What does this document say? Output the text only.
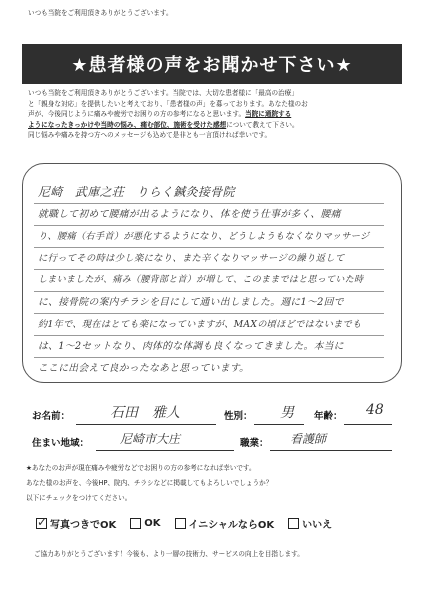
いつも当院をご利用頂きありがとうございます。
★患者様の声をお聞かせ下さい★
いつも当院をご利用頂きありがとうございます。当院では、大切な患者様に「最高の治療」
と「親身な対応」を提供したいと考えており、「患者様の声」を募っております。あなた様のお
声が、今後同じように痛みや疲労でお困りの方の参考になると思います。当院に通院する
ようになったきっかけや当時の悩み、痛む部位、施術を受けた感想について教えて下さい。
同じ悩みや痛みを持つ方へのメッセージも込めて是非とも一言頂ければ幸いです。
尼崎　武庫之荘　りらく鍼灸接骨院
就職して初めて腰痛が出るようになり、体を使う仕事が多く、腰痛
り、腰痛（右手首）が悪化するようになり、どうしようもなくなりマッサージ
に行ってその時は少し楽になり、また辛くなりマッサージの繰り返して
しまいましたが、痛み（腰背部と首）が増して、このままではと思っていた時
に、接骨院の案内チラシを目にして通い出しました。週に1〜2回で
約1年で、現在はとても楽になっていますが、MAXの頃ほどではないまでも
は、1〜2セットなり、肉体的な体調も良くなってきました。本当に
ここに出会えて良かったなあと思っています。
お名前：	石田　雅人	性別： 男 年齢： 48
住まい地域：	尼崎市大庄	職業： 看護師
★あなたのお声が現在痛みや疲労などでお困りの方の参考になれば幸いです。
あなた様のお声を、今後HP、院内、チラシなどに掲載してもよろしいでしょうか？
以下にチェックをつけてください。
✓ 写真つきでOK	OK	イニシャルならOK	いいえ
ご協力ありがとうございます！今後も、より一層の技術力、サービスの向上を目指します。
